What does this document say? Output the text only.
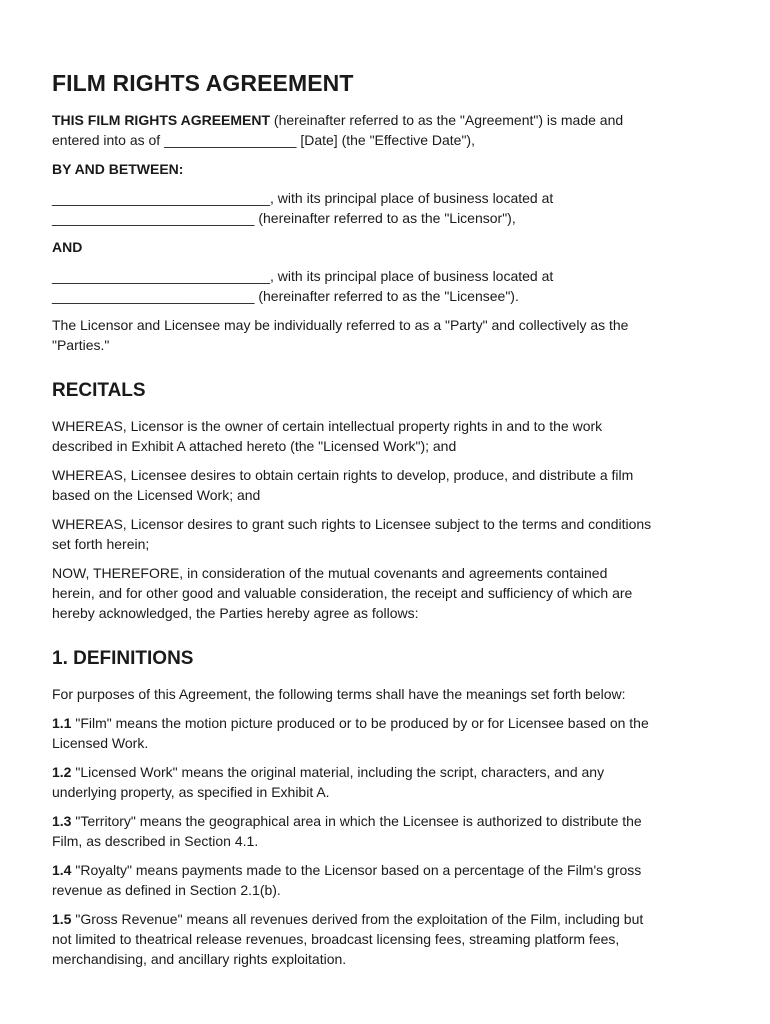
FILM RIGHTS AGREEMENT

THIS FILM RIGHTS AGREEMENT (hereinafter referred to as the "Agreement") is made and
entered into as of _________________ [Date] (the "Effective Date"),

BY AND BETWEEN:

____________________________, with its principal place of business located at
__________________________ (hereinafter referred to as the "Licensor"),

AND

____________________________, with its principal place of business located at
__________________________ (hereinafter referred to as the "Licensee").

The Licensor and Licensee may be individually referred to as a "Party" and collectively as the
"Parties."

RECITALS

WHEREAS, Licensor is the owner of certain intellectual property rights in and to the work
described in Exhibit A attached hereto (the "Licensed Work"); and

WHEREAS, Licensee desires to obtain certain rights to develop, produce, and distribute a film
based on the Licensed Work; and

WHEREAS, Licensor desires to grant such rights to Licensee subject to the terms and conditions
set forth herein;

NOW, THEREFORE, in consideration of the mutual covenants and agreements contained
herein, and for other good and valuable consideration, the receipt and sufficiency of which are
hereby acknowledged, the Parties hereby agree as follows:

1. DEFINITIONS

For purposes of this Agreement, the following terms shall have the meanings set forth below:

1.1 "Film" means the motion picture produced or to be produced by or for Licensee based on the
Licensed Work.

1.2 "Licensed Work" means the original material, including the script, characters, and any
underlying property, as specified in Exhibit A.

1.3 "Territory" means the geographical area in which the Licensee is authorized to distribute the
Film, as described in Section 4.1.

1.4 "Royalty" means payments made to the Licensor based on a percentage of the Film's gross
revenue as defined in Section 2.1(b).

1.5 "Gross Revenue" means all revenues derived from the exploitation of the Film, including but
not limited to theatrical release revenues, broadcast licensing fees, streaming platform fees,
merchandising, and ancillary rights exploitation.
